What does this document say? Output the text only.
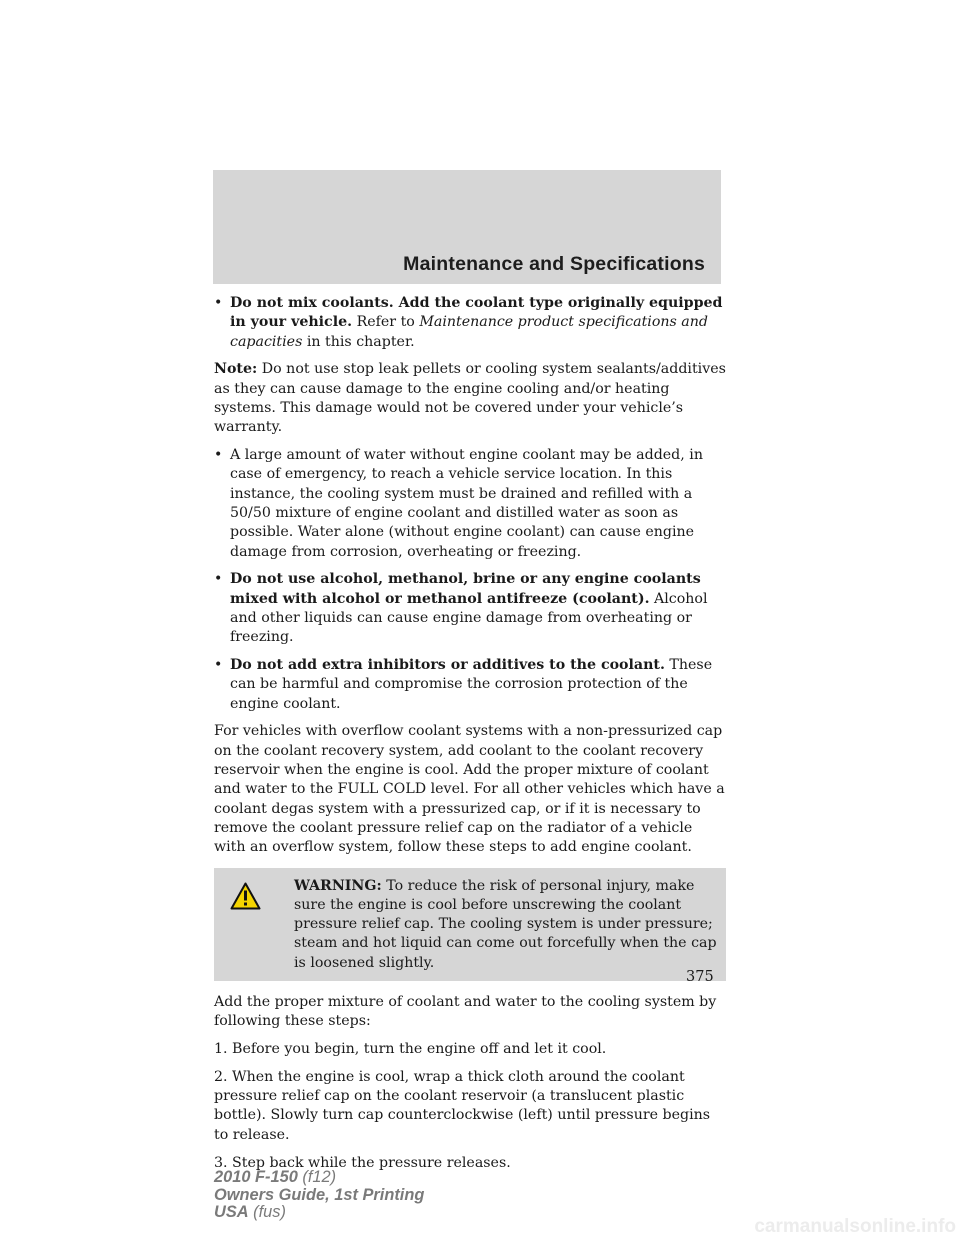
Maintenance and Specifications
• Do not mix coolants. Add the coolant type originally equipped in your vehicle. Refer to Maintenance product specifications and capacities in this chapter.

Note: Do not use stop leak pellets or cooling system sealants/additives as they can cause damage to the engine cooling and/or heating systems. This damage would not be covered under your vehicle’s warranty.

• A large amount of water without engine coolant may be added, in case of emergency, to reach a vehicle service location. In this instance, the cooling system must be drained and refilled with a 50/50 mixture of engine coolant and distilled water as soon as possible. Water alone (without engine coolant) can cause engine damage from corrosion, overheating or freezing.
• Do not use alcohol, methanol, brine or any engine coolants mixed with alcohol or methanol antifreeze (coolant). Alcohol and other liquids can cause engine damage from overheating or freezing.
• Do not add extra inhibitors or additives to the coolant. These can be harmful and compromise the corrosion protection of the engine coolant.

For vehicles with overflow coolant systems with a non-pressurized cap on the coolant recovery system, add coolant to the coolant recovery reservoir when the engine is cool. Add the proper mixture of coolant and water to the FULL COLD level. For all other vehicles which have a coolant degas system with a pressurized cap, or if it is necessary to remove the coolant pressure relief cap on the radiator of a vehicle with an overflow system, follow these steps to add engine coolant.

WARNING: To reduce the risk of personal injury, make sure the engine is cool before unscrewing the coolant pressure relief cap. The cooling system is under pressure; steam and hot liquid can come out forcefully when the cap is loosened slightly.

Add the proper mixture of coolant and water to the cooling system by following these steps:

1. Before you begin, turn the engine off and let it cool.

2. When the engine is cool, wrap a thick cloth around the coolant pressure relief cap on the coolant reservoir (a translucent plastic bottle). Slowly turn cap counterclockwise (left) until pressure begins to release.

3. Step back while the pressure releases.

375
2010 F-150 (f12)
Owners Guide, 1st Printing
USA (fus)
carmanualsonline.info
